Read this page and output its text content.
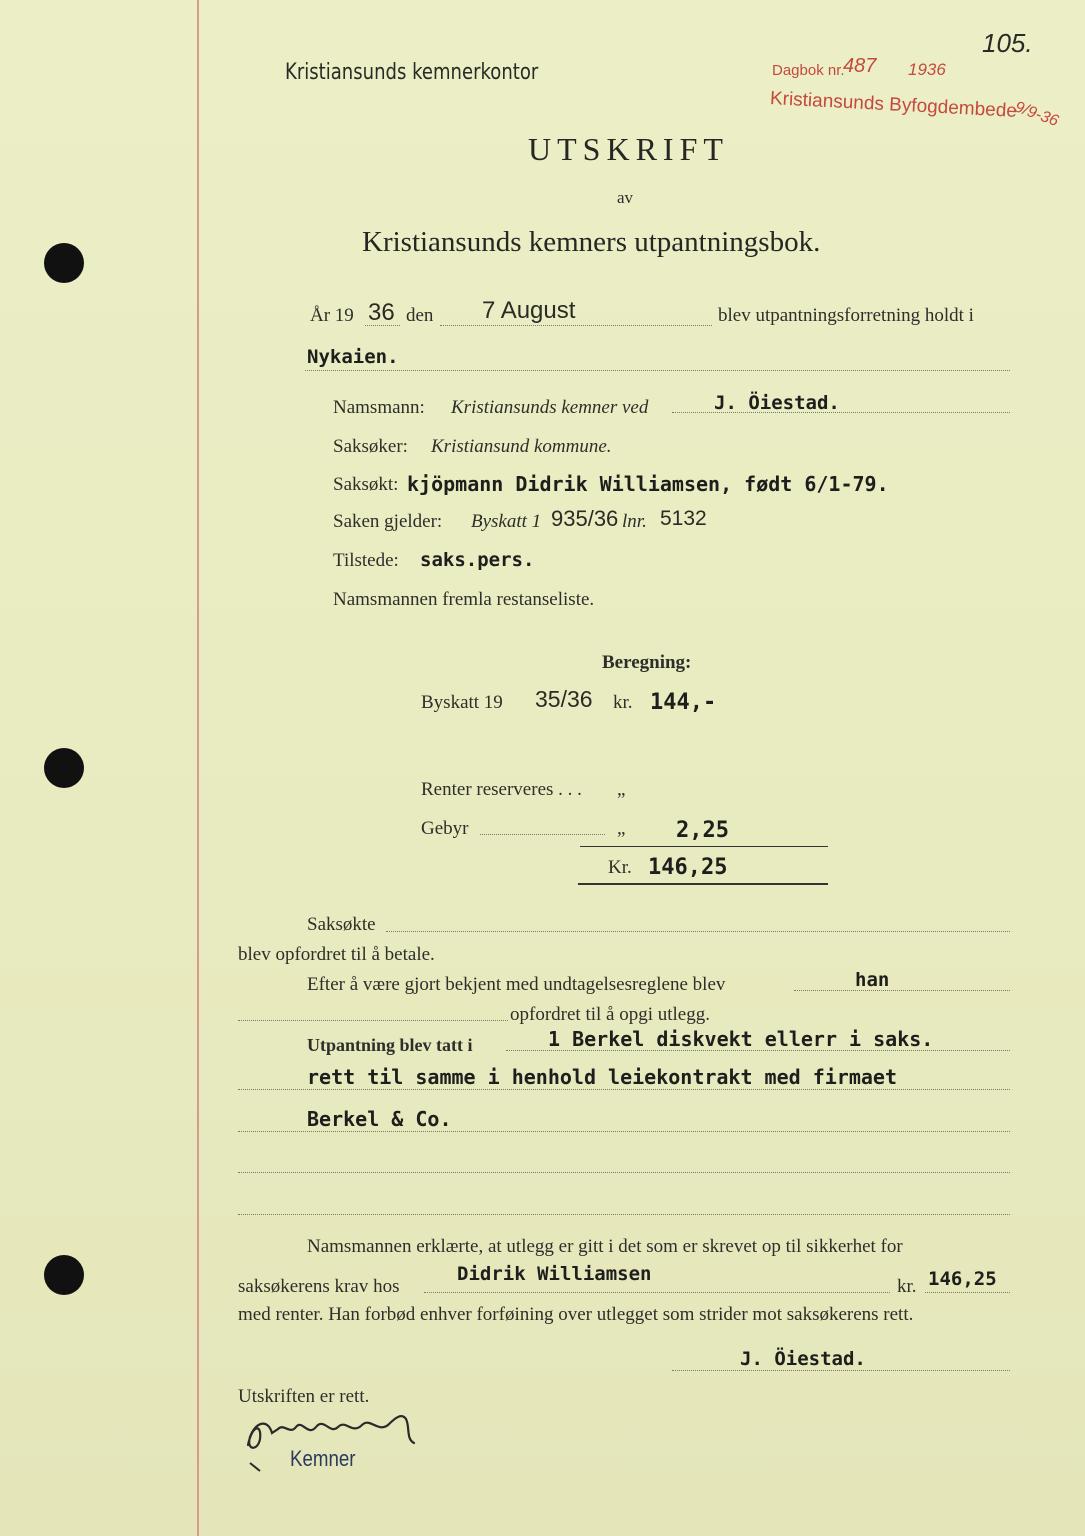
Kristiansunds kemnerkontor
105.
Dagbok nr.
487 1936
Kristiansunds Byfogdembede
9/9-36
UTSKRIFT
av
Kristiansunds kemners utpantningsbok.
År 19 36 den 7 August	blev utpantningsforretning holdt i
Nykaien.
Namsmann: Kristiansunds kemner ved	J. Öiestad.
Saksøker: Kristiansund kommune.
Saksøkt: kjöpmann Didrik Williamsen, født 6/1-79.
Saken gjelder: Byskatt 1 935/36 lnr. 5132
Tilstede: saks.pers.
Namsmannen fremla restanseliste.
Beregning:
Byskatt 19 35/36 kr. 144,-
Renter reserveres . . . „
Gebyr	„ 2,25
Kr. 146,25
Saksøkte
blev opfordret til å betale.
Efter å være gjort bekjent med undtagelsesreglene blev	han
opfordret til å opgi utlegg.
Utpantning blev tatt i	1 Berkel diskvekt ellerr i saks.
rett til samme i henhold leiekontrakt med firmaet
Berkel & Co.
Namsmannen erklærte, at utlegg er gitt i det som er skrevet op til sikkerhet for
saksøkerens krav hos
Didrik Williamsen
kr. 146,25
med renter. Han forbød enhver forføining over utlegget som strider mot saksøkerens rett.
J. Öiestad.
Utskriften er rett.
Kemner
